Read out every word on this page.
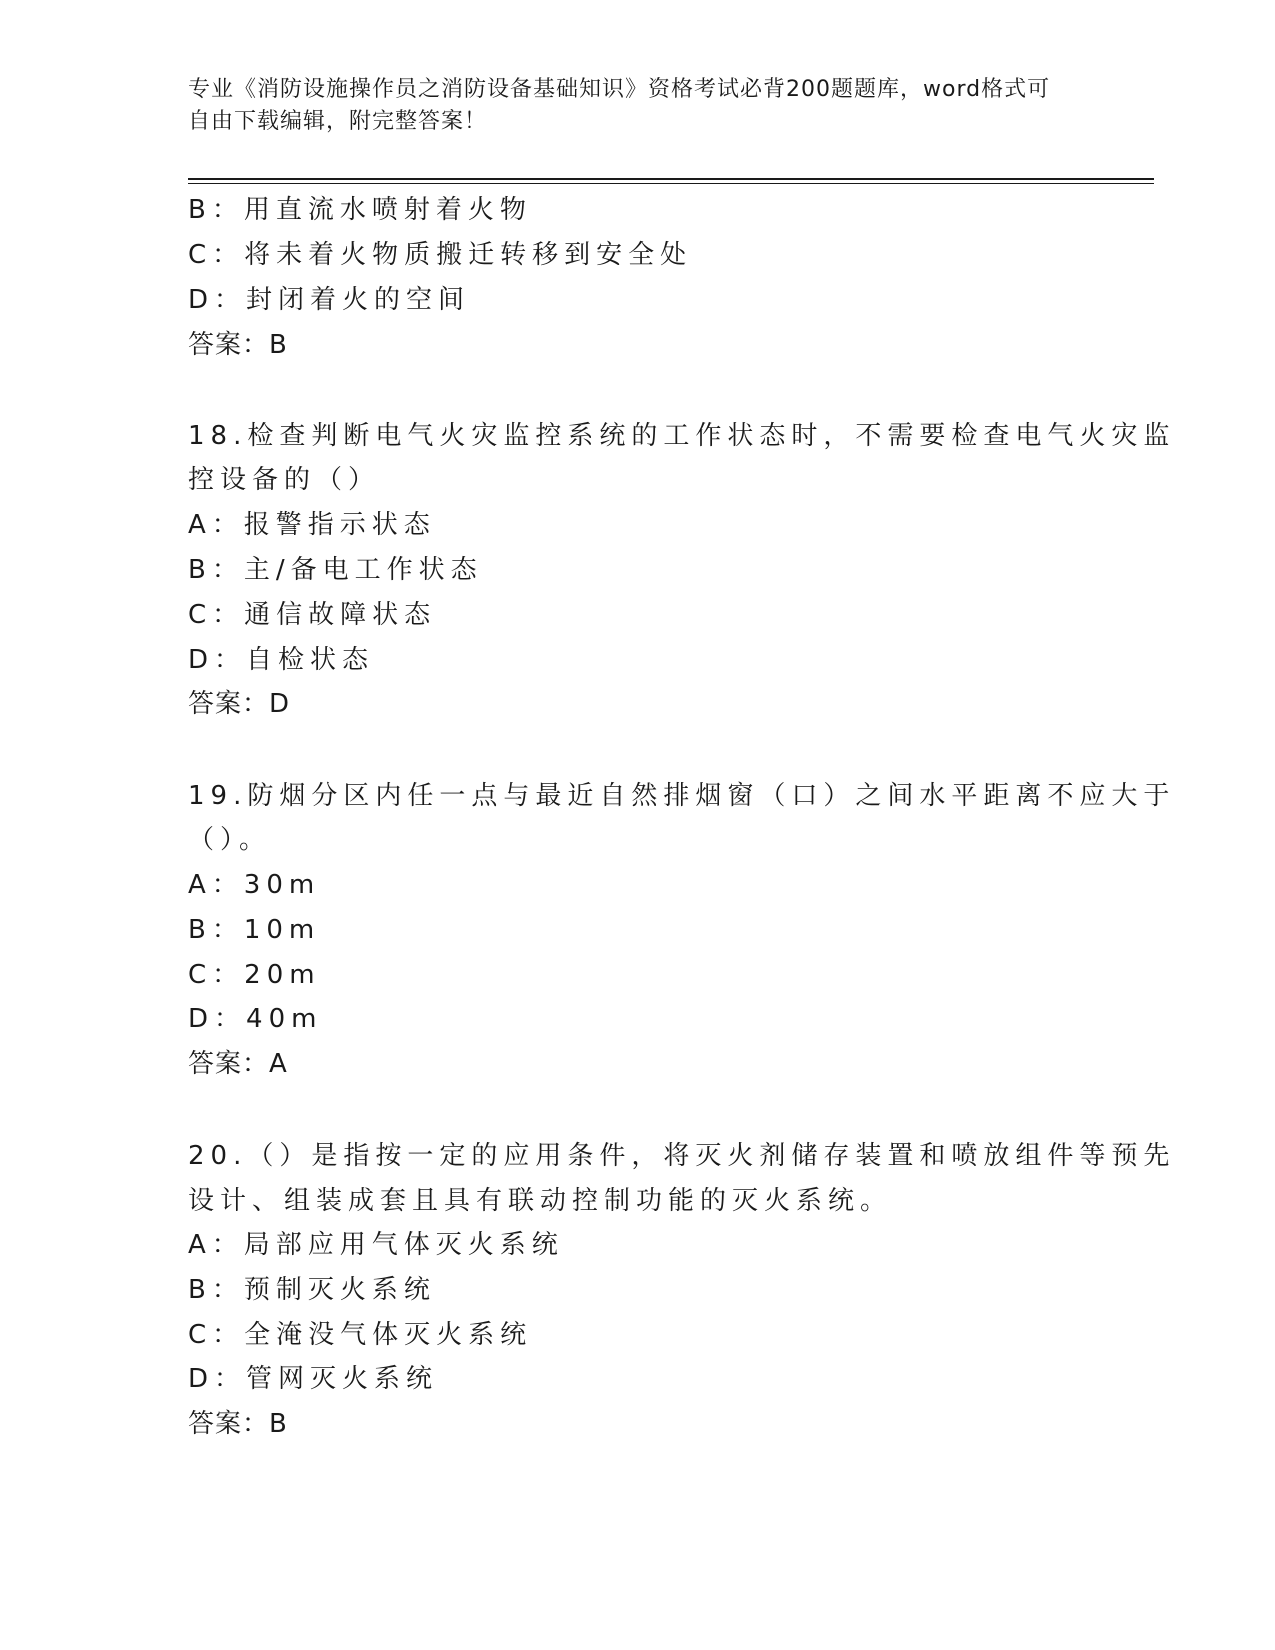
专业《消防设施操作员之消防设备基础知识》资格考试必背200题题库，word格式可自由下载编辑，附完整答案！
B：用直流水喷射着火物
C：将未着火物质搬迁转移到安全处
D：封闭着火的空间
答案：B
18.检查判断电气火灾监控系统的工作状态时，不需要检查电气火灾监
控设备的（）
A：报警指示状态
B：主/备电工作状态
C：通信故障状态
D：自检状态
答案：D
19.防烟分区内任一点与最近自然排烟窗（口）之间水平距离不应大于
（）。
A：30m
B：10m
C：20m
D：40m
答案：A
20.（）是指按一定的应用条件，将灭火剂储存装置和喷放组件等预先
设计、组装成套且具有联动控制功能的灭火系统。
A：局部应用气体灭火系统
B：预制灭火系统
C：全淹没气体灭火系统
D：管网灭火系统
答案：B
